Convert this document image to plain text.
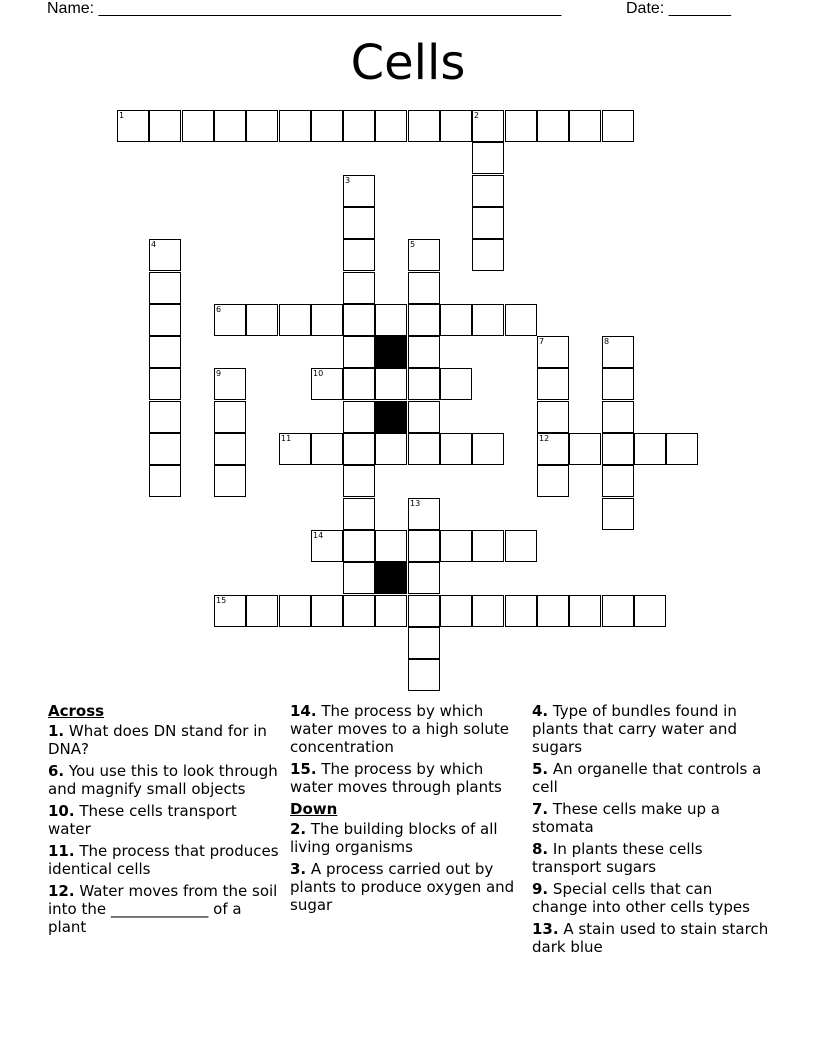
Name: ____________________________________________________	Date: _______
Cells
1	2
3
4	5
6
7
12
8
9	10
11
13
14
15
Across
1. What does DN stand for in DNA?
6. You use this to look through and magnify small objects
10. These cells transport water
11. The process that produces identical cells
12. Water moves from the soil into the _____________ of a plant
14. The process by which water moves to a high solute concentration
15. The process by which water moves through plants
Down
2. The building blocks of all living organisms
3. A process carried out by plants to produce oxygen and sugar
4. Type of bundles found in plants that carry water and sugars
5. An organelle that controls a cell
7. These cells make up a stomata
8. In plants these cells transport sugars
9. Special cells that can change into other cells types
13. A stain used to stain starch dark blue
